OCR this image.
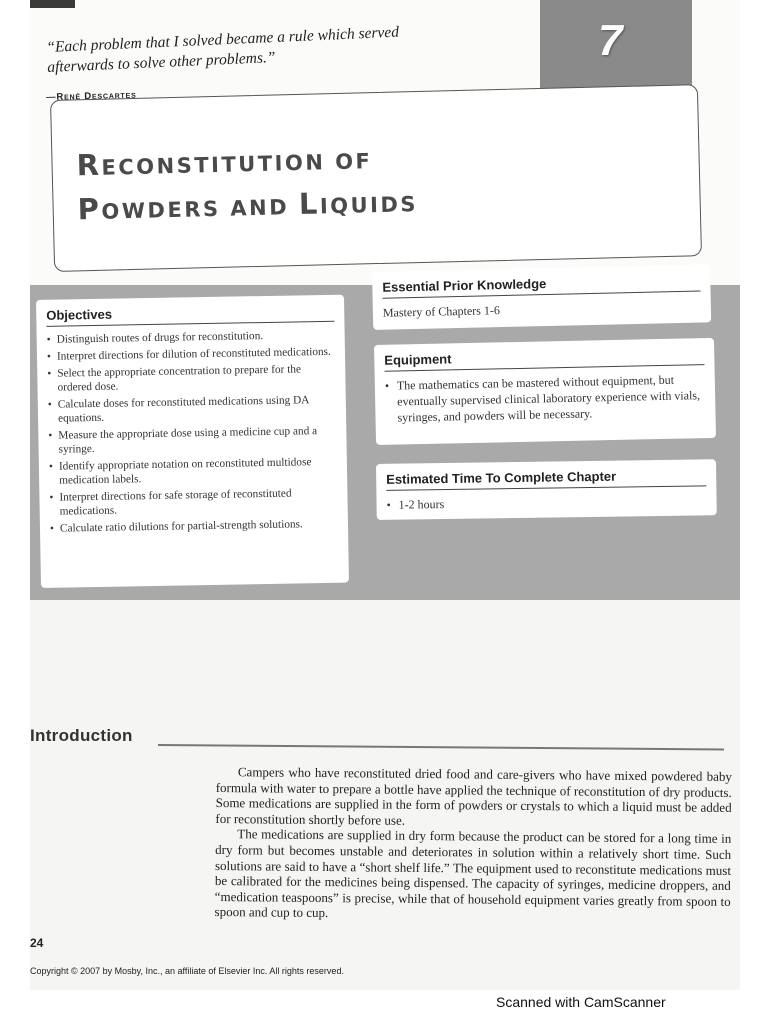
“Each problem that I solved became a rule which served
afterwards to solve other problems.”
—René Descartes
7
RECONSTITUTION OF
POWDERS AND LIQUIDS
Objectives
• Distinguish routes of drugs for reconstitution.
• Interpret directions for dilution of reconstituted medications.
• Select the appropriate concentration to prepare for the ordered dose.
• Calculate doses for reconstituted medications using DA equations.
• Measure the appropriate dose using a medicine cup and a syringe.
• Identify appropriate notation on reconstituted multidose medication labels.
• Interpret directions for safe storage of reconstituted medications.
• Calculate ratio dilutions for partial-strength solutions.
Essential Prior Knowledge
Mastery of Chapters 1-6
Equipment
• The mathematics can be mastered without equipment, but eventually supervised clinical laboratory experience with vials, syringes, and powders will be necessary.
Estimated Time To Complete Chapter
• 1-2 hours
Introduction

Campers who have reconstituted dried food and care-givers who have mixed powdered baby formula with water to prepare a bottle have applied the technique of reconstitution of dry products. Some medications are supplied in the form of powders or crystals to which a liquid must be added for reconstitution shortly before use.

The medications are supplied in dry form because the product can be stored for a long time in dry form but becomes unstable and deteriorates in solution within a relatively short time. Such solutions are said to have a “short shelf life.” The equipment used to reconstitute medications must be calibrated for the medicines being dispensed. The capacity of syringes, medicine droppers, and “medication teaspoons” is precise, while that of household equipment varies greatly from spoon to spoon and cup to cup.

24
Copyright © 2007 by Mosby, Inc., an affiliate of Elsevier Inc. All rights reserved.
Scanned with CamScanner
